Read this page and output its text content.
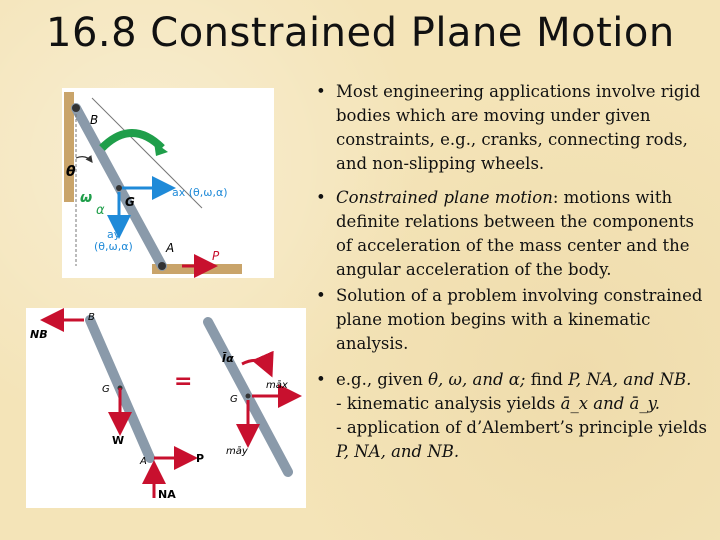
16.8 Constrained Plane Motion
• Most engineering applications involve rigid bodies which are moving under given constraints, e.g., cranks, connecting rods, and non-slipping wheels.
• Constrained plane motion: motions with definite relations between the components of acceleration of the mass center and the angular acceleration of the body.
• Solution of a problem involving constrained plane motion begins with a kinematic analysis.
• e.g., given θ, ω, and α; find P, NA, and NB.
- kinematic analysis yields ā_x and ā_y.
- application of d’Alembert’s principle yields
P, NA, and NB.
B
θ
ω
α
G
ax (θ,ω,α)
ay
(θ,ω,α)	A
P
NB
B
G
W
A	P
NA
=
Īα
G
māx
māy
